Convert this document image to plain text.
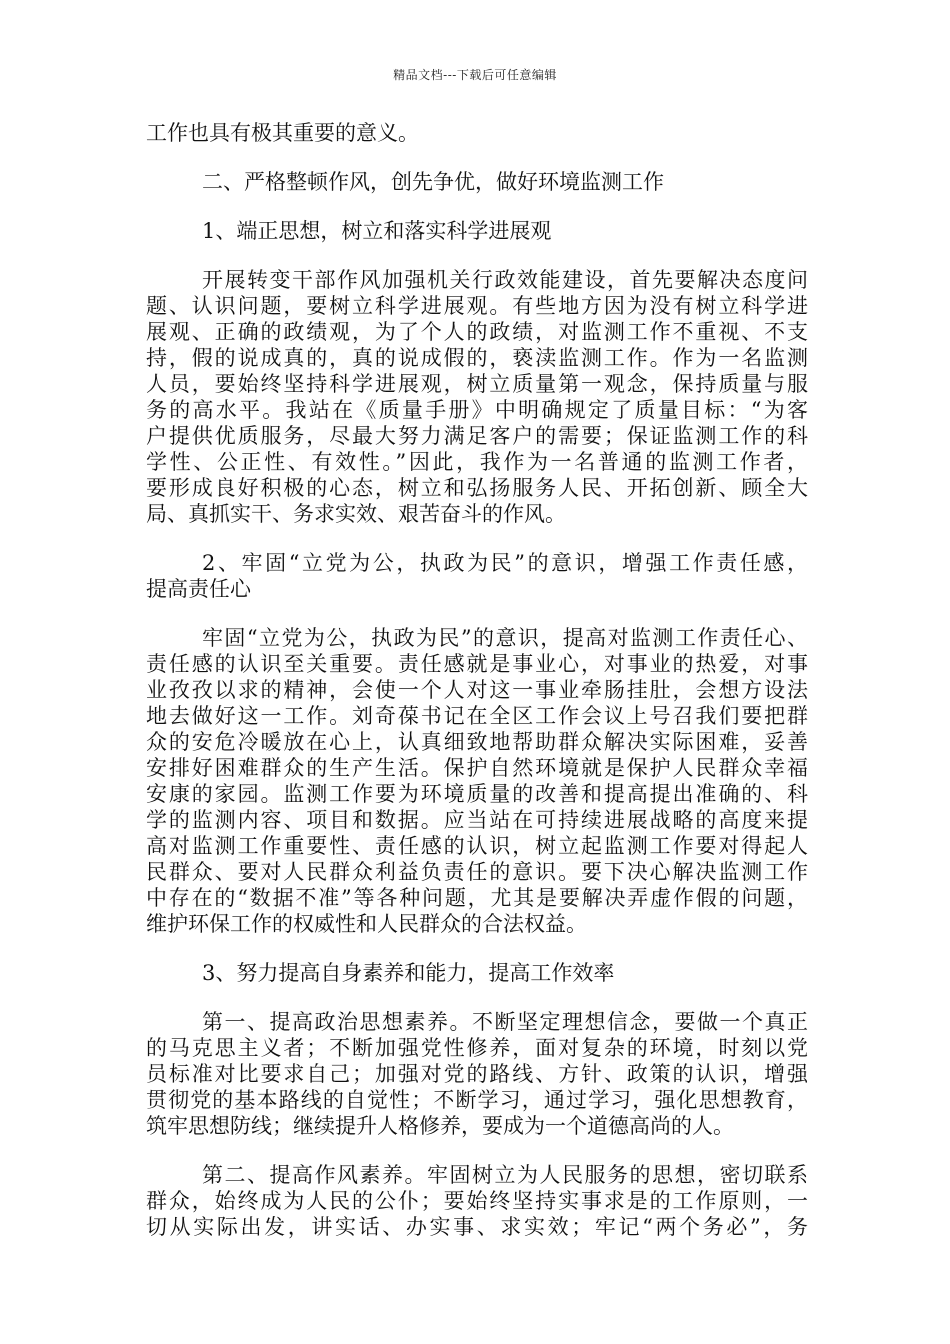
精品文档---下载后可任意编辑
工作也具有极其重要的意义。
二、严格整顿作风，创先争优，做好环境监测工作
1、端正思想，树立和落实科学进展观
开展转变干部作风加强机关行政效能建设，首先要解决态度问
题、认识问题，要树立科学进展观。有些地方因为没有树立科学进
展观、正确的政绩观，为了个人的政绩，对监测工作不重视、不支
持，假的说成真的，真的说成假的，亵渎监测工作。作为一名监测
人员，要始终坚持科学进展观，树立质量第一观念，保持质量与服
务的高水平。我站在《质量手册》中明确规定了质量目标：“为客
户提供优质服务，尽最大努力满足客户的需要；保证监测工作的科
学性、公正性、有效性。”因此，我作为一名普通的监测工作者，
要形成良好积极的心态，树立和弘扬服务人民、开拓创新、顾全大
局、真抓实干、务求实效、艰苦奋斗的作风。
2、牢固“立党为公，执政为民”的意识，增强工作责任感，
提高责任心
牢固“立党为公，执政为民”的意识，提高对监测工作责任心、
责任感的认识至关重要。责任感就是事业心，对事业的热爱，对事
业孜孜以求的精神，会使一个人对这一事业牵肠挂肚，会想方设法
地去做好这一工作。刘奇葆书记在全区工作会议上号召我们要把群
众的安危冷暖放在心上，认真细致地帮助群众解决实际困难，妥善
安排好困难群众的生产生活。保护自然环境就是保护人民群众幸福
安康的家园。监测工作要为环境质量的改善和提高提出准确的、科
学的监测内容、项目和数据。应当站在可持续进展战略的高度来提
高对监测工作重要性、责任感的认识，树立起监测工作要对得起人
民群众、要对人民群众利益负责任的意识。要下决心解决监测工作
中存在的“数据不准”等各种问题，尤其是要解决弄虚作假的问题，
维护环保工作的权威性和人民群众的合法权益。
3、努力提高自身素养和能力，提高工作效率
第一、提高政治思想素养。不断坚定理想信念，要做一个真正
的马克思主义者；不断加强党性修养，面对复杂的环境，时刻以党
员标准对比要求自己；加强对党的路线、方针、政策的认识，增强
贯彻党的基本路线的自觉性；不断学习，通过学习，强化思想教育，
筑牢思想防线；继续提升人格修养，要成为一个道德高尚的人。
第二、提高作风素养。牢固树立为人民服务的思想，密切联系
群众，始终成为人民的公仆；要始终坚持实事求是的工作原则，一
切从实际出发，讲实话、办实事、求实效；牢记“两个务必”，务
